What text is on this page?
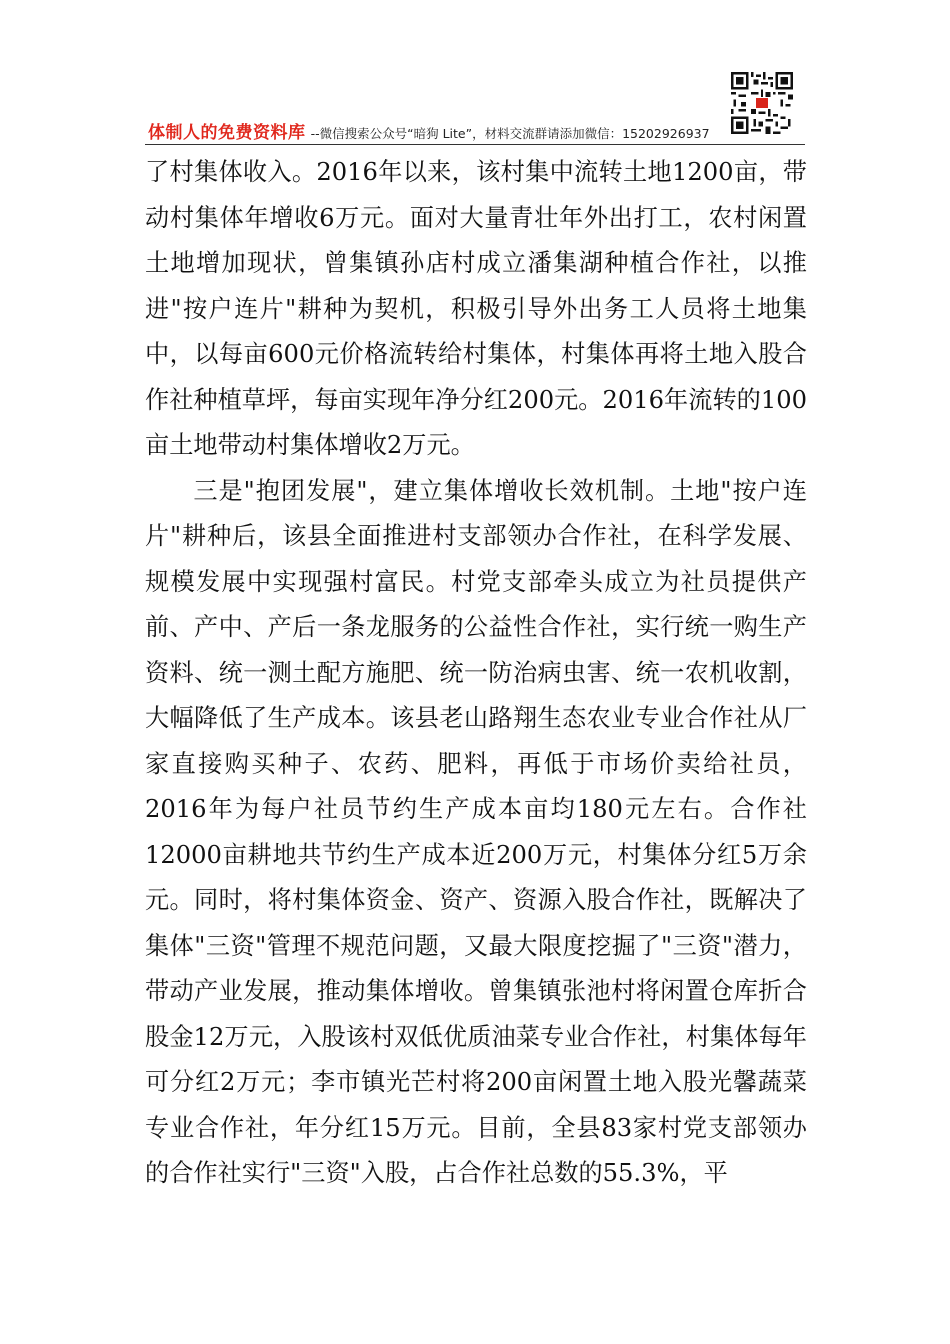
体制人的免费资料库 --微信搜索公众号“暗狗 Lite”，材料交流群请添加微信：15202926937

了村集体收入。2016年以来，该村集中流转土地1200亩，带动村集体年增收6万元。面对大量青壮年外出打工，农村闲置土地增加现状，曾集镇孙店村成立潘集湖种植合作社，以推进"按户连片"耕种为契机，积极引导外出务工人员将土地集中，以每亩600元价格流转给村集体，村集体再将土地入股合作社种植草坪，每亩实现年净分红200元。2016年流转的100亩土地带动村集体增收2万元。

三是"抱团发展"，建立集体增收长效机制。土地"按户连片"耕种后，该县全面推进村支部领办合作社，在科学发展、规模发展中实现强村富民。村党支部牵头成立为社员提供产前、产中、产后一条龙服务的公益性合作社，实行统一购生产资料、统一测土配方施肥、统一防治病虫害、统一农机收割，大幅降低了生产成本。该县老山路翔生态农业专业合作社从厂家直接购买种子、农药、肥料，再低于市场价卖给社员，2016年为每户社员节约生产成本亩均180元左右。合作社12000亩耕地共节约生产成本近200万元，村集体分红5万余元。同时，将村集体资金、资产、资源入股合作社，既解决了集体"三资"管理不规范问题，又最大限度挖掘了"三资"潜力，带动产业发展，推动集体增收。曾集镇张池村将闲置仓库折合股金12万元，入股该村双低优质油菜专业合作社，村集体每年可分红2万元；李市镇光芒村将200亩闲置土地入股光馨蔬菜专业合作社，年分红15万元。目前，全县83家村党支部领办的合作社实行"三资"入股，占合作社总数的55.3%，平
